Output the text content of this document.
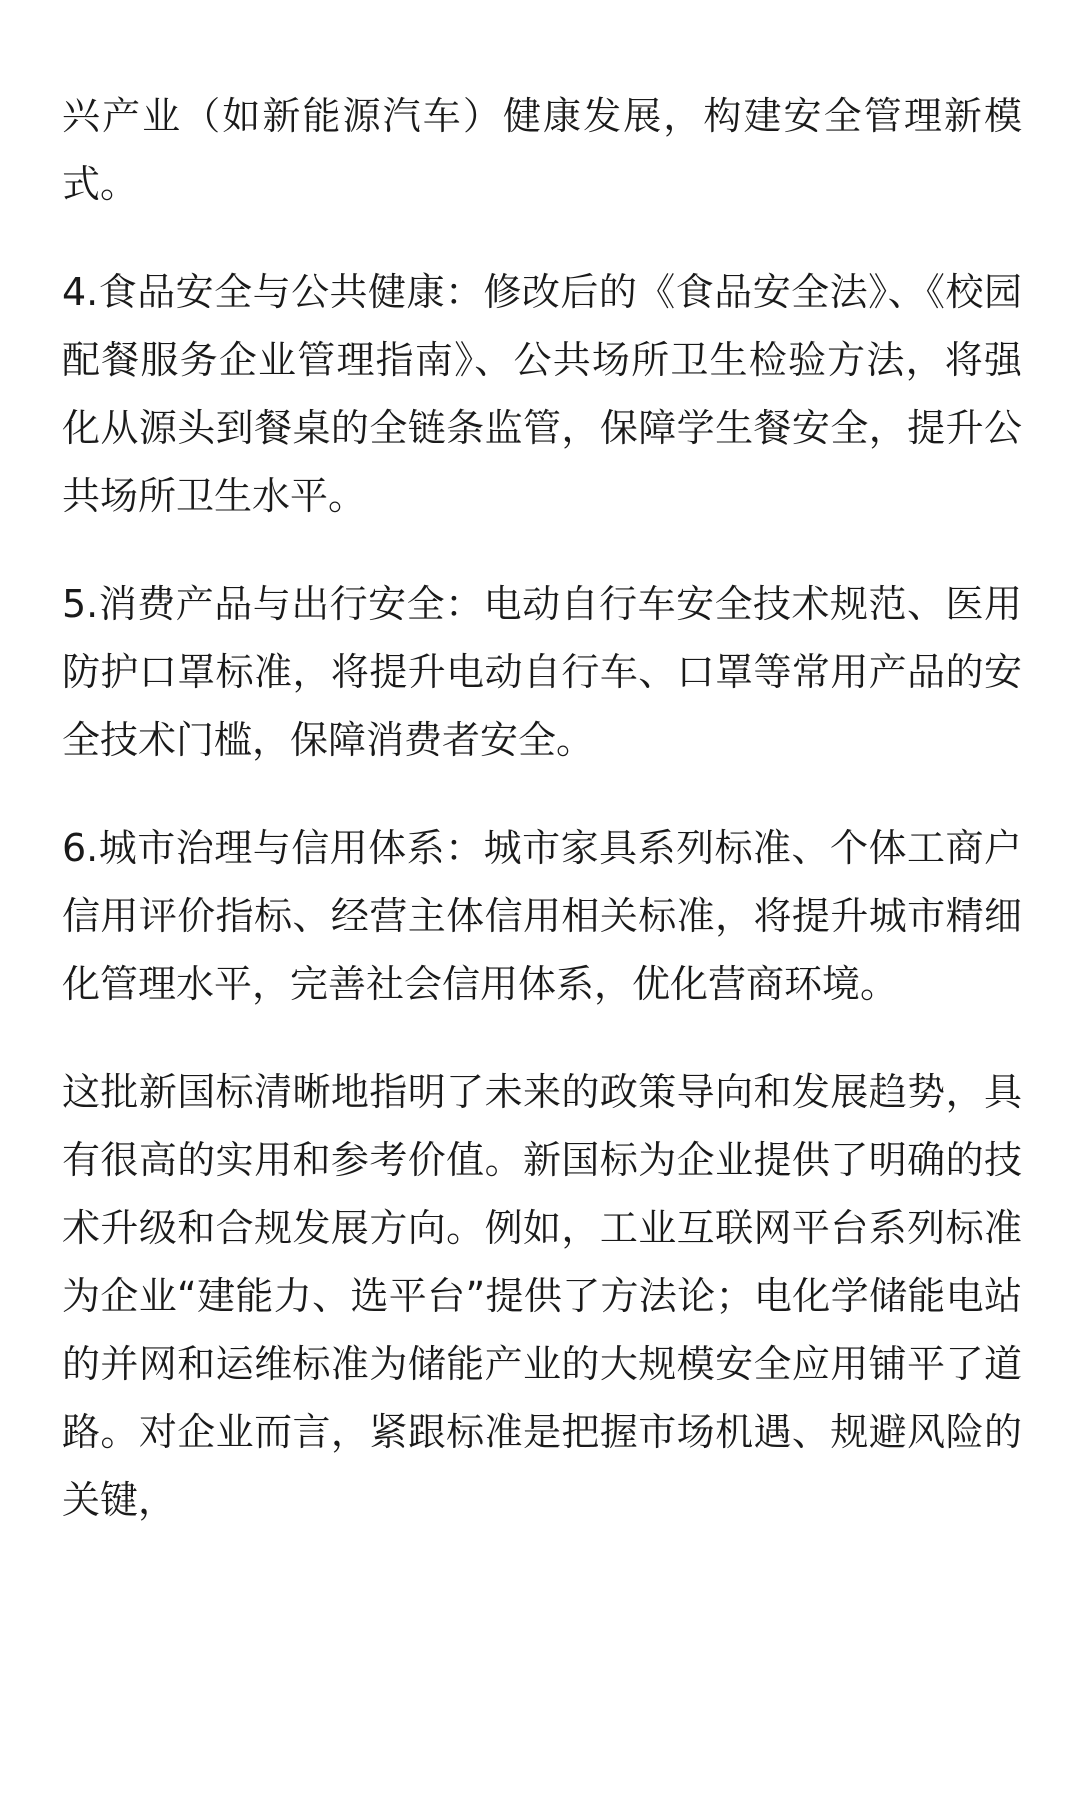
兴产业（如新能源汽车）健康发展，构建安全管理新模式。

4.食品安全与公共健康：修改后的《食品安全法》、《校园配餐服务企业管理指南》、公共场所卫生检验方法，将强化从源头到餐桌的全链条监管，保障学生餐安全，提升公共场所卫生水平。

5.消费产品与出行安全：电动自行车安全技术规范、医用防护口罩标准，将提升电动自行车、口罩等常用产品的安全技术门槛，保障消费者安全。

6.城市治理与信用体系：城市家具系列标准、个体工商户信用评价指标、经营主体信用相关标准，将提升城市精细化管理水平，完善社会信用体系，优化营商环境。

这批新国标清晰地指明了未来的政策导向和发展趋势，具有很高的实用和参考价值。新国标为企业提供了明确的技术升级和合规发展方向。例如，工业互联网平台系列标准为企业“建能力、选平台”提供了方法论；电化学储能电站的并网和运维标准为储能产业的大规模安全应用铺平了道路。对企业而言，紧跟标准是把握市场机遇、规避风险的关键，
